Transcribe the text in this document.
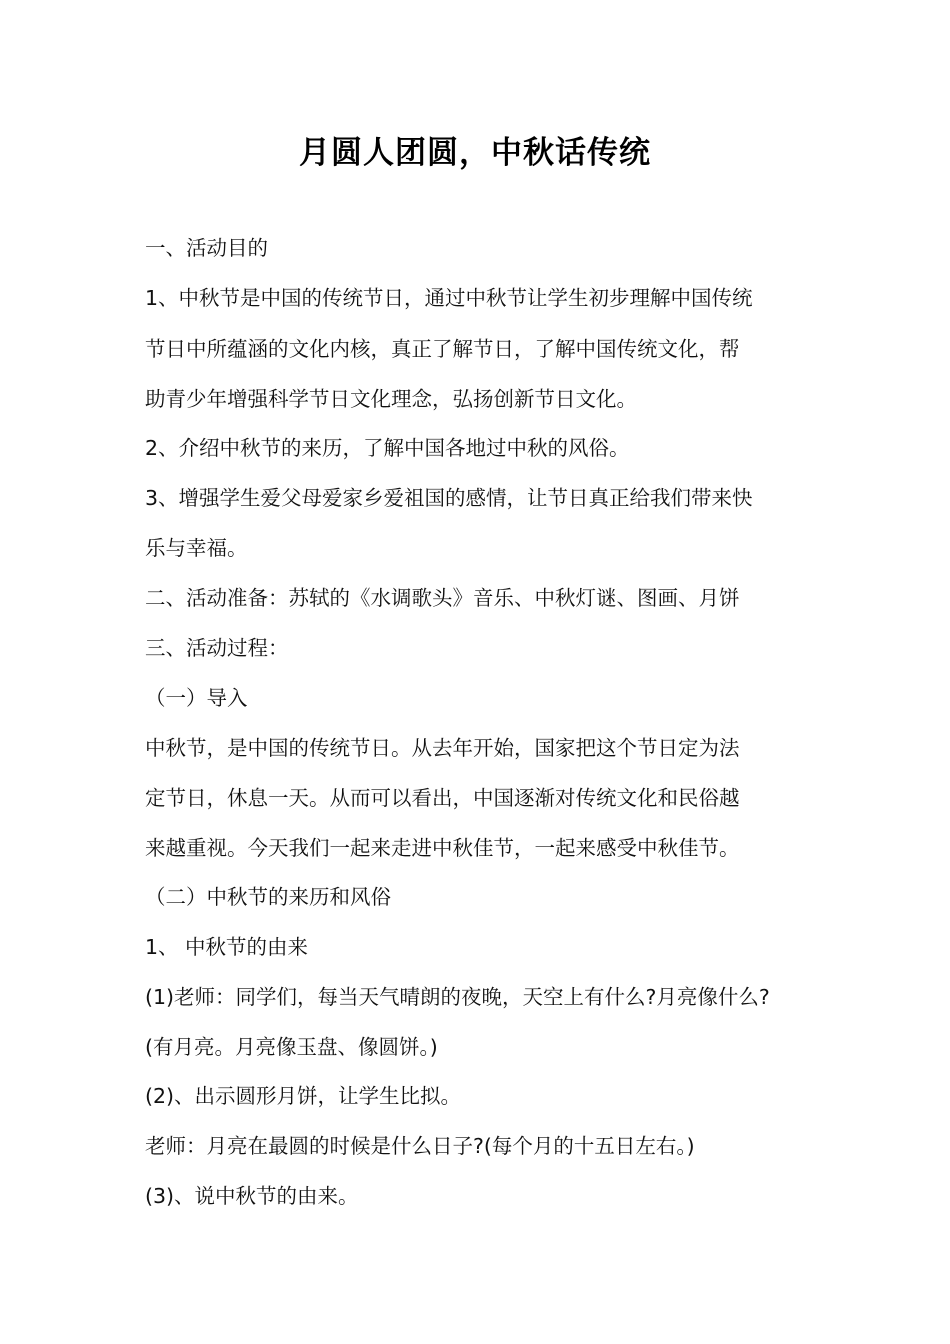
月圆人团圆，中秋话传统
一、活动目的
1、中秋节是中国的传统节日，通过中秋节让学生初步理解中国传统
节日中所蕴涵的文化内核，真正了解节日，了解中国传统文化，帮
助青少年增强科学节日文化理念，弘扬创新节日文化。
2、介绍中秋节的来历，了解中国各地过中秋的风俗。
3、增强学生爱父母爱家乡爱祖国的感情，让节日真正给我们带来快
乐与幸福。
二、活动准备：苏轼的《水调歌头》音乐、中秋灯谜、图画、月饼
三、活动过程：
（一）导入
中秋节，是中国的传统节日。从去年开始，国家把这个节日定为法
定节日，休息一天。从而可以看出，中国逐渐对传统文化和民俗越
来越重视。今天我们一起来走进中秋佳节，一起来感受中秋佳节。
（二）中秋节的来历和风俗
1、 中秋节的由来
(1)老师：同学们，每当天气晴朗的夜晚，天空上有什么?月亮像什么?
(有月亮。月亮像玉盘、像圆饼。)
(2)、出示圆形月饼，让学生比拟。
老师：月亮在最圆的时候是什么日子?(每个月的十五日左右。)
(3)、说中秋节的由来。
